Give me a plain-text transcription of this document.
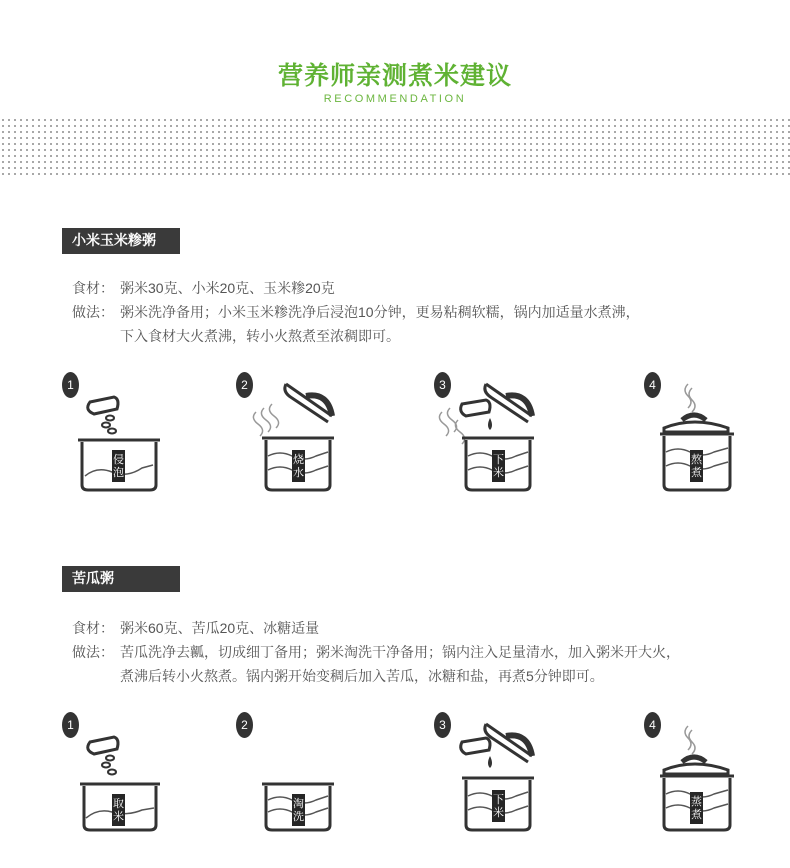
营养师亲测煮米建议
RECOMMENDATION
小米玉米糁粥
食材： 粥米30克、小米20克、玉米糁20克
做法： 粥米洗净备用；小米玉米糁洗净后浸泡10分钟，更易粘稠软糯，锅内加适量水煮沸，
下入食材大火煮沸，转小火熬煮至浓稠即可。
1
侵泡
2
烧水
3
下米
4
熬煮
苦瓜粥
食材： 粥米60克、苦瓜20克、冰糖适量
做法： 苦瓜洗净去瓤，切成细丁备用；粥米淘洗干净备用；锅内注入足量清水，加入粥米开大火，
煮沸后转小火熬煮。锅内粥开始变稠后加入苦瓜，冰糖和盐，再煮5分钟即可。
1
取米
2
淘洗
3
下米
4
蒸煮
